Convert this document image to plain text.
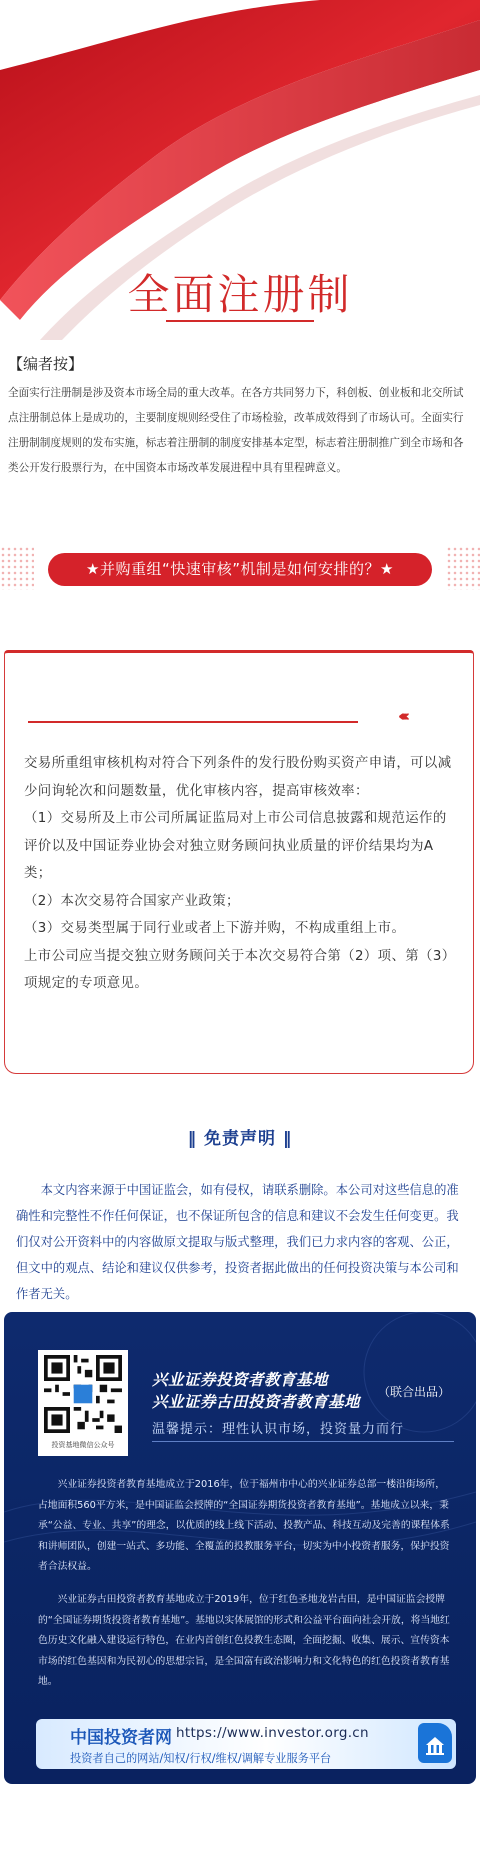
全面注册制
【编者按】
全面实行注册制是涉及资本市场全局的重大改革。在各方共同努力下，科创板、创业板和北交所试点注册制总体上是成功的，主要制度规则经受住了市场检验，改革成效得到了市场认可。全面实行注册制制度规则的发布实施，标志着注册制的制度安排基本定型，标志着注册制推广到全市场和各类公开发行股票行为，在中国资本市场改革发展进程中具有里程碑意义。
★并购重组“快速审核”机制是如何安排的？★
‹‹‹‹‹‹

交易所重组审核机构对符合下列条件的发行股份购买资产申请，可以减少问询轮次和问题数量，优化审核内容，提高审核效率：

（1）交易所及上市公司所属证监局对上市公司信息披露和规范运作的评价以及中国证券业协会对独立财务顾问执业质量的评价结果均为A类；

（2）本次交易符合国家产业政策；

（3）交易类型属于同行业或者上下游并购，不构成重组上市。

上市公司应当提交独立财务顾问关于本次交易符合第（2）项、第（3）项规定的专项意见。

‖ 免责声明 ‖
本文内容来源于中国证监会，如有侵权，请联系删除。本公司对这些信息的准确性和完整性不作任何保证，也不保证所包含的信息和建议不会发生任何变更。我们仅对公开资料中的内容做原文提取与版式整理，我们已力求内容的客观、公正，但文中的观点、结论和建议仅供参考，投资者据此做出的任何投资决策与本公司和作者无关。
投资基地微信公众号
兴业证券投资者教育基地
兴业证券古田投资者教育基地
（联合出品）
温馨提示：理性认识市场，投资量力而行
兴业证券投资者教育基地成立于2016年，位于福州市中心的兴业证券总部一楼沿街场所，占地面积560平方米，是中国证监会授牌的“全国证券期货投资者教育基地”。基地成立以来，秉承“公益、专业、共享”的理念，以优质的线上线下活动、投教产品、科技互动及完善的课程体系和讲师团队，创建一站式、多功能、全覆盖的投教服务平台，切实为中小投资者服务，保护投资者合法权益。
兴业证券古田投资者教育基地成立于2019年，位于红色圣地龙岩古田，是中国证监会授牌的“全国证券期货投资者教育基地”。基地以实体展馆的形式和公益平台面向社会开放，将当地红色历史文化融入建设运行特色，在业内首创红色投教生态圈，全面挖掘、收集、展示、宣传资本市场的红色基因和为民初心的思想宗旨，是全国富有政治影响力和文化特色的红色投资者教育基地。
中国投资者网 https://www.investor.org.cn
投资者自己的网站/知权/行权/维权/调解专业服务平台
